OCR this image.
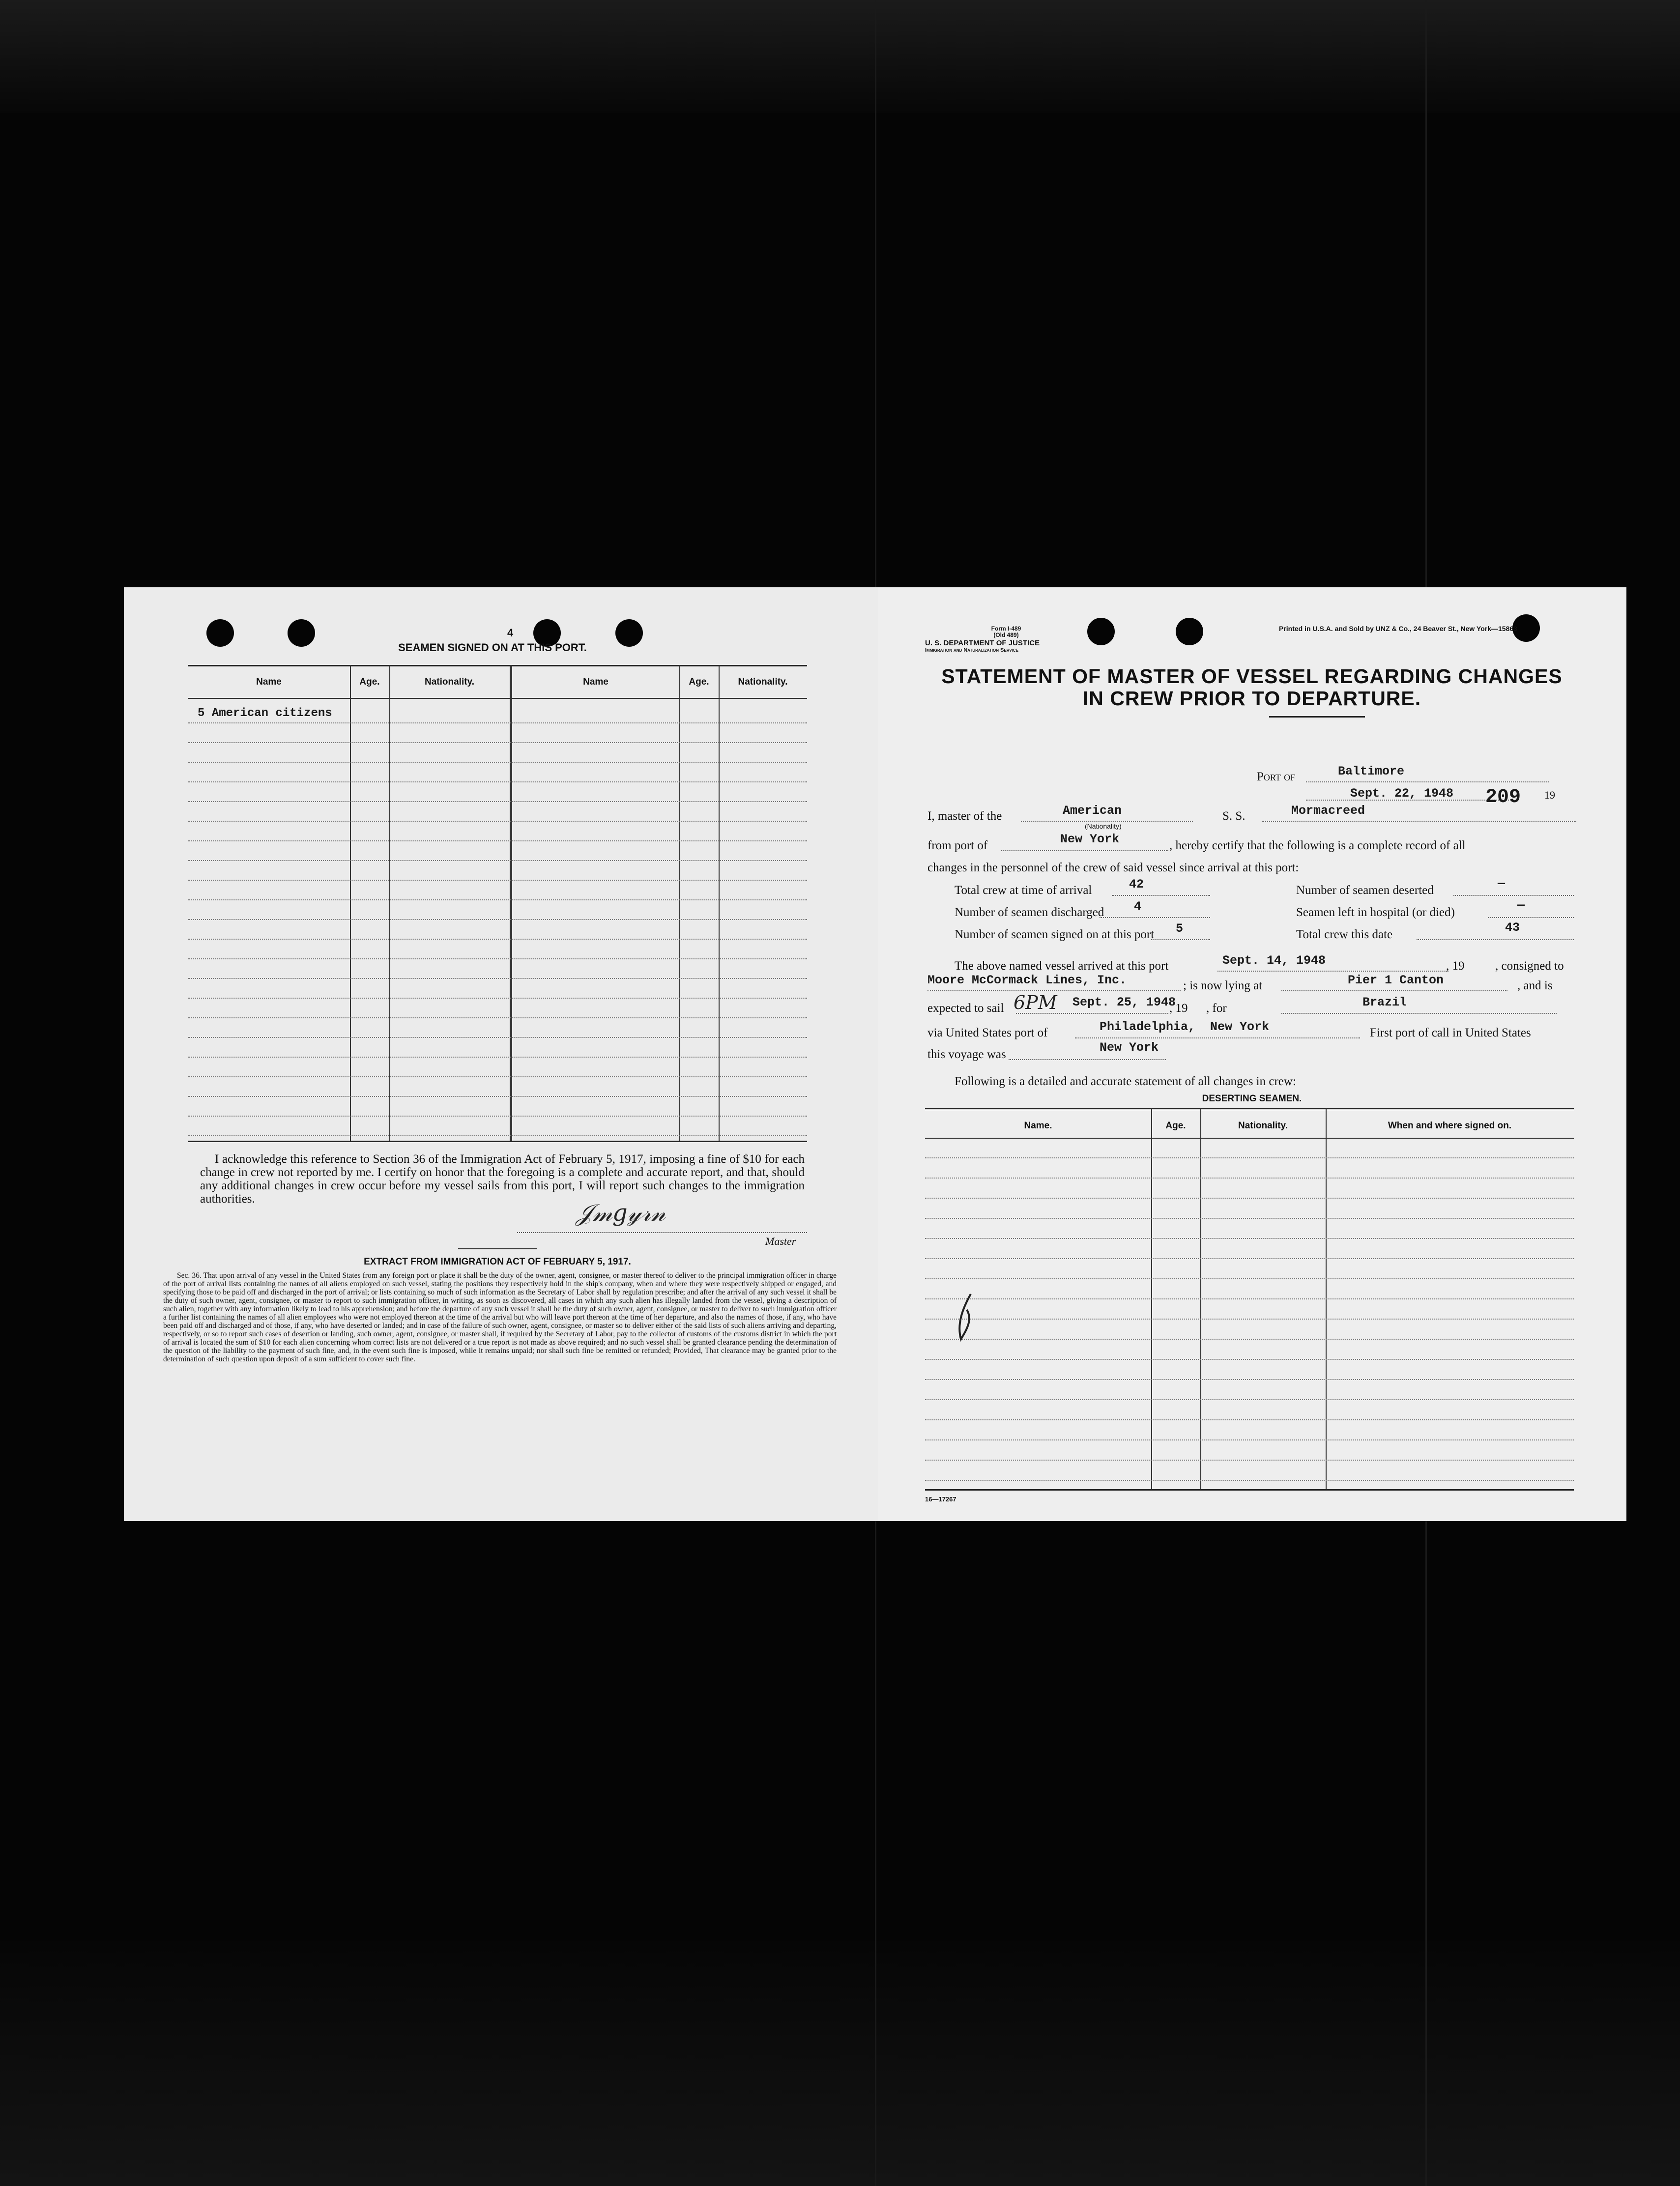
4
SEAMEN SIGNED ON AT THIS PORT.
Name	Age.	Nationality.	Name	Age.	Nationality.
5 American citizens
I acknowledge this reference to Section 36 of the Immigration Act of February 5, 1917, imposing a fine of $10 for each change in crew not reported by me. I certify on honor that the foregoing is a complete and accurate report, and that, should any additional changes in crew occur before my vessel sails from this port, I will report such changes to the immigration authorities.
𝒥𝓂𝑔𝓎𝓇𝓃
Master
EXTRACT FROM IMMIGRATION ACT OF FEBRUARY 5, 1917.
Sec. 36. That upon arrival of any vessel in the United States from any foreign port or place it shall be the duty of the owner, agent, consignee, or master thereof to deliver to the principal immigration officer in charge of the port of arrival lists containing the names of all aliens employed on such vessel, stating the positions they respectively hold in the ship's company, when and where they were respectively shipped or engaged, and specifying those to be paid off and discharged in the port of arrival; or lists containing so much of such information as the Secretary of Labor shall by regulation prescribe; and after the arrival of any such vessel it shall be the duty of such owner, agent, consignee, or master to report to such immigration officer, in writing, as soon as discovered, all cases in which any such alien has illegally landed from the vessel, giving a description of such alien, together with any information likely to lead to his apprehension; and before the departure of any such vessel it shall be the duty of such owner, agent, consignee, or master to deliver to such immigration officer a further list containing the names of all alien employees who were not employed thereon at the time of the arrival but who will leave port thereon at the time of her departure, and also the names of those, if any, who have been paid off and discharged and of those, if any, who have deserted or landed; and in case of the failure of such owner, agent, consignee, or master so to deliver either of the said lists of such aliens arriving and departing, respectively, or so to report such cases of desertion or landing, such owner, agent, consignee, or master shall, if required by the Secretary of Labor, pay to the collector of customs of the customs district in which the port of arrival is located the sum of $10 for each alien concerning whom correct lists are not delivered or a true report is not made as above required; and no such vessel shall be granted clearance pending the determination of the question of the liability to the payment of such fine, and, in the event such fine is imposed, while it remains unpaid; nor shall such fine be remitted or refunded; Provided, That clearance may be granted prior to the determination of such question upon deposit of a sum sufficient to cover such fine.
Form I-489
(Old 489)
U. S. DEPARTMENT OF JUSTICE
Immigration and Naturalization Service
Printed in U.S.A. and Sold by UNZ & Co., 24 Beaver St., New York—15863
STATEMENT OF MASTER OF VESSEL REGARDING CHANGES
IN CREW PRIOR TO DEPARTURE.
Port of	Baltimore
Sept. 22, 1948	19
209
I, master of the	American
(Nationality)
S. S.	Mormacreed
from port of	New York	, hereby certify that the following is a complete record of all
changes in the personnel of the crew of said vessel since arrival at this port:
Total crew at time of arrival	42
Number of seamen discharged 4
Number of seamen signed on at this port 5
Number of seamen deserted	—
Seamen left in hospital (or died)
—
Total crew this date	43
The above named vessel arrived at this port	Sept. 14, 1948	, 19	, consigned to
Moore McCormack Lines, Inc.	; is now lying at	Pier 1 Canton	, and is
expected to sail 6PM Sept. 25, 1948
, 19      , for	Brazil
via United States port of	Philadelphia,  New York	First port of call in United States
this voyage was	New York
Following is a detailed and accurate statement of all changes in crew:
DESERTING SEAMEN.
Name.	Age.	Nationality.	When and where signed on.
16—17267
